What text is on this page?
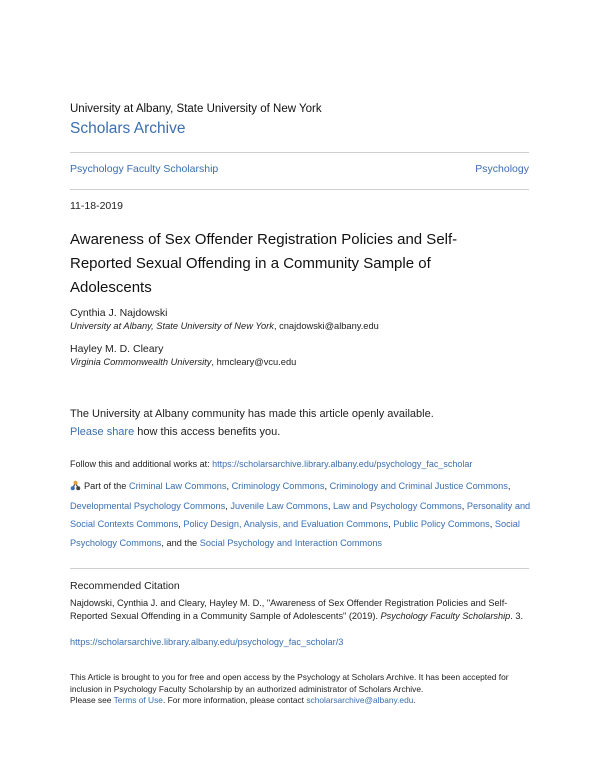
University at Albany, State University of New York
Scholars Archive
Psychology Faculty Scholarship	Psychology
11-18-2019
Awareness of Sex Offender Registration Policies and Self-Reported Sexual Offending in a Community Sample of Adolescents
Cynthia J. Najdowski
University at Albany, State University of New York, cnajdowski@albany.edu
Hayley M. D. Cleary
Virginia Commonwealth University, hmcleary@vcu.edu
The University at Albany community has made this article openly available.
Please share how this access benefits you.
Follow this and additional works at: https://scholarsarchive.library.albany.edu/psychology_fac_scholar
Part of the Criminal Law Commons, Criminology Commons, Criminology and Criminal Justice Commons, Developmental Psychology Commons, Juvenile Law Commons, Law and Psychology Commons, Personality and Social Contexts Commons, Policy Design, Analysis, and Evaluation Commons, Public Policy Commons, Social Psychology Commons, and the Social Psychology and Interaction Commons
Recommended Citation
Najdowski, Cynthia J. and Cleary, Hayley M. D., "Awareness of Sex Offender Registration Policies and Self-Reported Sexual Offending in a Community Sample of Adolescents" (2019). Psychology Faculty Scholarship. 3.
https://scholarsarchive.library.albany.edu/psychology_fac_scholar/3
This Article is brought to you for free and open access by the Psychology at Scholars Archive. It has been accepted for inclusion in Psychology Faculty Scholarship by an authorized administrator of Scholars Archive.
Please see Terms of Use. For more information, please contact scholarsarchive@albany.edu.
